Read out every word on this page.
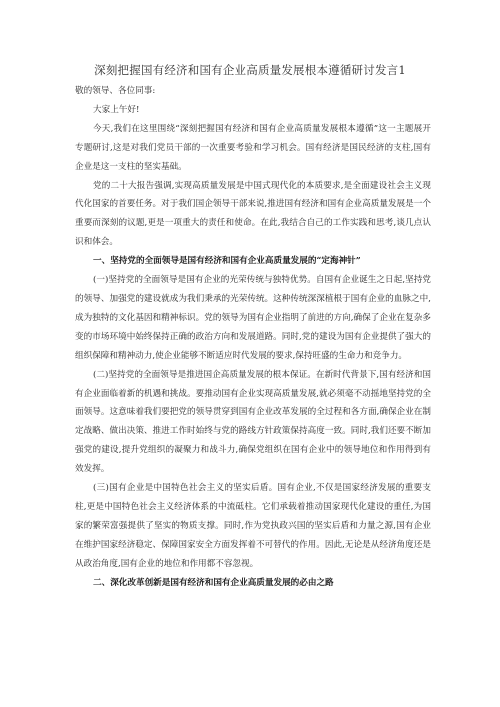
深刻把握国有经济和国有企业高质量发展根本遵循研讨发言1

敬的领导、各位同事:

大家上午好!

今天,我们在这里围绕“深刻把握国有经济和国有企业高质量发展根本遵循”这一主题展开专题研讨,这是对我们党员干部的一次重要考验和学习机会。国有经济是国民经济的支柱,国有企业是这一支柱的坚实基础。

党的二十大报告强调,实现高质量发展是中国式现代化的本质要求,是全面建设社会主义现代化国家的首要任务。对于我们国企领导干部来说,推进国有经济和国有企业高质量发展是一个重要而深刻的议题,更是一项重大的责任和使命。在此,我结合自己的工作实践和思考,谈几点认识和体会。

一、坚持党的全面领导是国有经济和国有企业高质量发展的“定海神针”

(一)坚持党的全面领导是国有企业的光荣传统与独特优势。自国有企业诞生之日起,坚持党的领导、加强党的建设就成为我们秉承的光荣传统。这种传统深深植根于国有企业的血脉之中,成为独特的文化基因和精神标识。党的领导为国有企业指明了前进的方向,确保了企业在复杂多变的市场环境中始终保持正确的政治方向和发展道路。同时,党的建设为国有企业提供了强大的组织保障和精神动力,使企业能够不断适应时代发展的要求,保持旺盛的生命力和竞争力。

(二)坚持党的全面领导是推进国企高质量发展的根本保证。在新时代背景下,国有经济和国有企业面临着新的机遇和挑战。要推动国有企业实现高质量发展,就必须毫不动摇地坚持党的全面领导。这意味着我们要把党的领导贯穿到国有企业改革发展的全过程和各方面,确保企业在制定战略、做出决策、推进工作时始终与党的路线方针政策保持高度一致。同时,我们还要不断加强党的建设,提升党组织的凝聚力和战斗力,确保党组织在国有企业中的领导地位和作用得到有效发挥。

(三)国有企业是中国特色社会主义的坚实后盾。国有企业,不仅是国家经济发展的重要支柱,更是中国特色社会主义经济体系的中流砥柱。它们承载着推动国家现代化建设的重任,为国家的繁荣富强提供了坚实的物质支撑。同时,作为党执政兴国的坚实后盾和力量之源,国有企业在维护国家经济稳定、保障国家安全方面发挥着不可替代的作用。因此,无论是从经济角度还是从政治角度,国有企业的地位和作用都不容忽视。

二、深化改革创新是国有经济和国有企业高质量发展的必由之路
